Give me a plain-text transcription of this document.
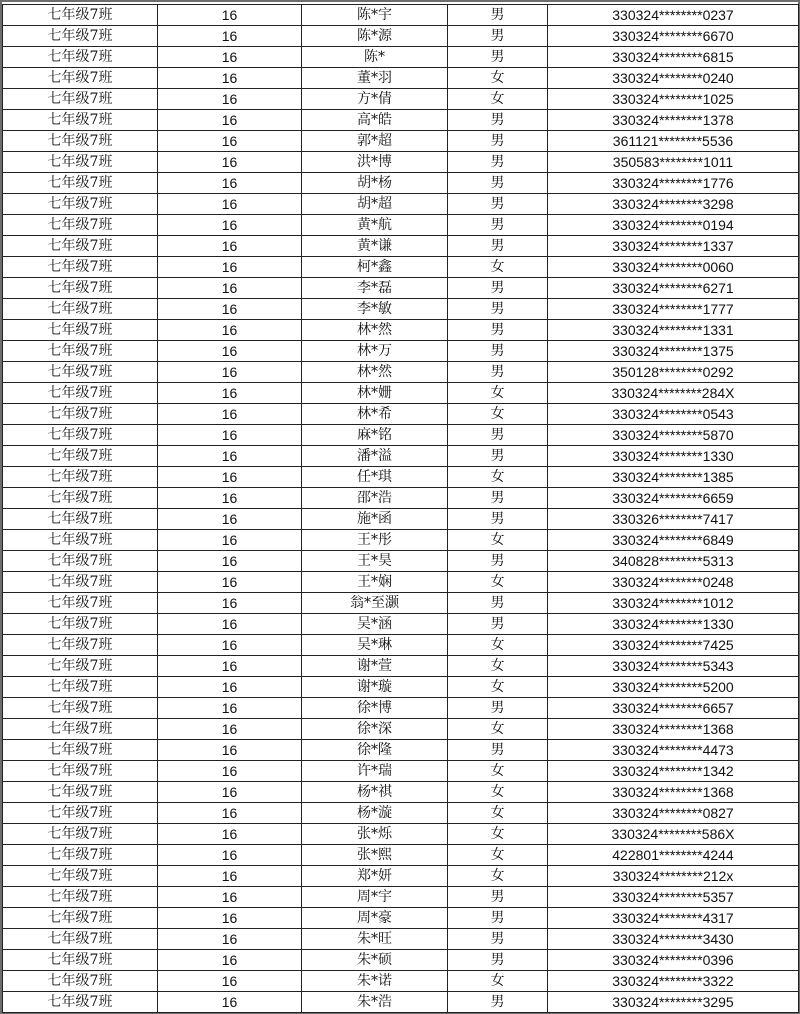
七年级7班	16	陈*宇	男	330324********0237
七年级7班	16	陈*源	男	330324********6670
七年级7班	16	陈*	男	330324********6815
七年级7班	16	董*羽	女	330324********0240
七年级7班	16	方*倩	女	330324********1025
七年级7班	16	高*皓	男	330324********1378
七年级7班	16	郭*超	男	361121********5536
七年级7班	16	洪*博	男	350583********1011
七年级7班	16	胡*杨	男	330324********1776
七年级7班	16	胡*超	男	330324********3298
七年级7班	16	黄*航	男	330324********0194
七年级7班	16	黄*谦	男	330324********1337
七年级7班	16	柯*鑫	女	330324********0060
七年级7班	16	李*磊	男	330324********6271
七年级7班	16	李*敏	男	330324********1777
七年级7班	16	林*然	男	330324********1331
七年级7班	16	林*万	男	330324********1375
七年级7班	16	林*然	男	350128********0292
七年级7班	16	林*姗	女	330324********284X
七年级7班	16	林*希	女	330324********0543
七年级7班	16	麻*铭	男	330324********5870
七年级7班	16	潘*溢	男	330324********1330
七年级7班	16	任*琪	女	330324********1385
七年级7班	16	邵*浩	男	330324********6659
七年级7班	16	施*函	男	330326********7417
七年级7班	16	王*彤	女	330324********6849
七年级7班	16	王*昊	男	340828********5313
七年级7班	16	王*娴	女	330324********0248
七年级7班	16	翁*至灏	男	330324********1012
七年级7班	16	吴*涵	男	330324********1330
七年级7班	16	吴*琳	女	330324********7425
七年级7班	16	谢*萱	女	330324********5343
七年级7班	16	谢*璇	女	330324********5200
七年级7班	16	徐*博	男	330324********6657
七年级7班	16	徐*深	女	330324********1368
七年级7班	16	徐*隆	男	330324********4473
七年级7班	16	许*瑞	女	330324********1342
七年级7班	16	杨*祺	女	330324********1368
七年级7班	16	杨*漩	女	330324********0827
七年级7班	16	张*烁	女	330324********586X
七年级7班	16	张*熙	女	422801********4244
七年级7班	16	郑*妍	女	330324********212x
七年级7班	16	周*宇	男	330324********5357
七年级7班	16	周*豪	男	330324********4317
七年级7班	16	朱*旺	男	330324********3430
七年级7班	16	朱*硕	男	330324********0396
七年级7班	16	朱*诺	女	330324********3322
七年级7班	16	朱*浩	男	330324********3295
